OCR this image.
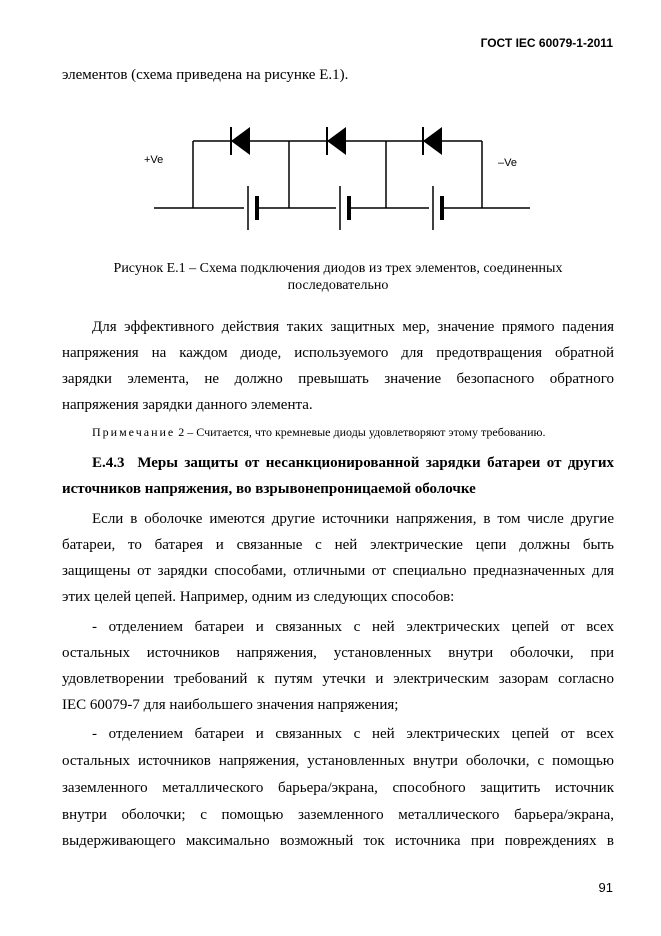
ГОСТ IEC 60079-1-2011
элементов (схема приведена на рисунке Е.1).
+Ve	–Ve
Рисунок Е.1 – Схема подключения диодов из трех элементов, соединенных
последовательно
Для эффективного действия таких защитных мер, значение прямого падения
напряжения на каждом диоде, используемого для предотвращения обратной
зарядки элемента, не должно превышать значение безопасного обратного
напряжения зарядки данного элемента.
Примечание 2 – Считается, что кремневые диоды удовлетворяют этому требованию.
Е.4.3 Меры защиты от несанкционированной зарядки батареи от других
источников напряжения, во взрывонепроницаемой оболочке
Если в оболочке имеются другие источники напряжения, в том числе другие
батареи, то батарея и связанные с ней электрические цепи должны быть
защищены от зарядки способами, отличными от специально предназначенных для
этих целей цепей. Например, одним из следующих способов:
- отделением батареи и связанных с ней электрических цепей от всех
остальных источников напряжения, установленных внутри оболочки, при
удовлетворении требований к путям утечки и электрическим зазорам согласно
IEC 60079-7 для наибольшего значения напряжения;
- отделением батареи и связанных с ней электрических цепей от всех
остальных источников напряжения, установленных внутри оболочки, с помощью
заземленного металлического барьера/экрана, способного защитить источник
внутри оболочки; с помощью заземленного металлического барьера/экрана,
выдерживающего максимально возможный ток источника при повреждениях в
91
